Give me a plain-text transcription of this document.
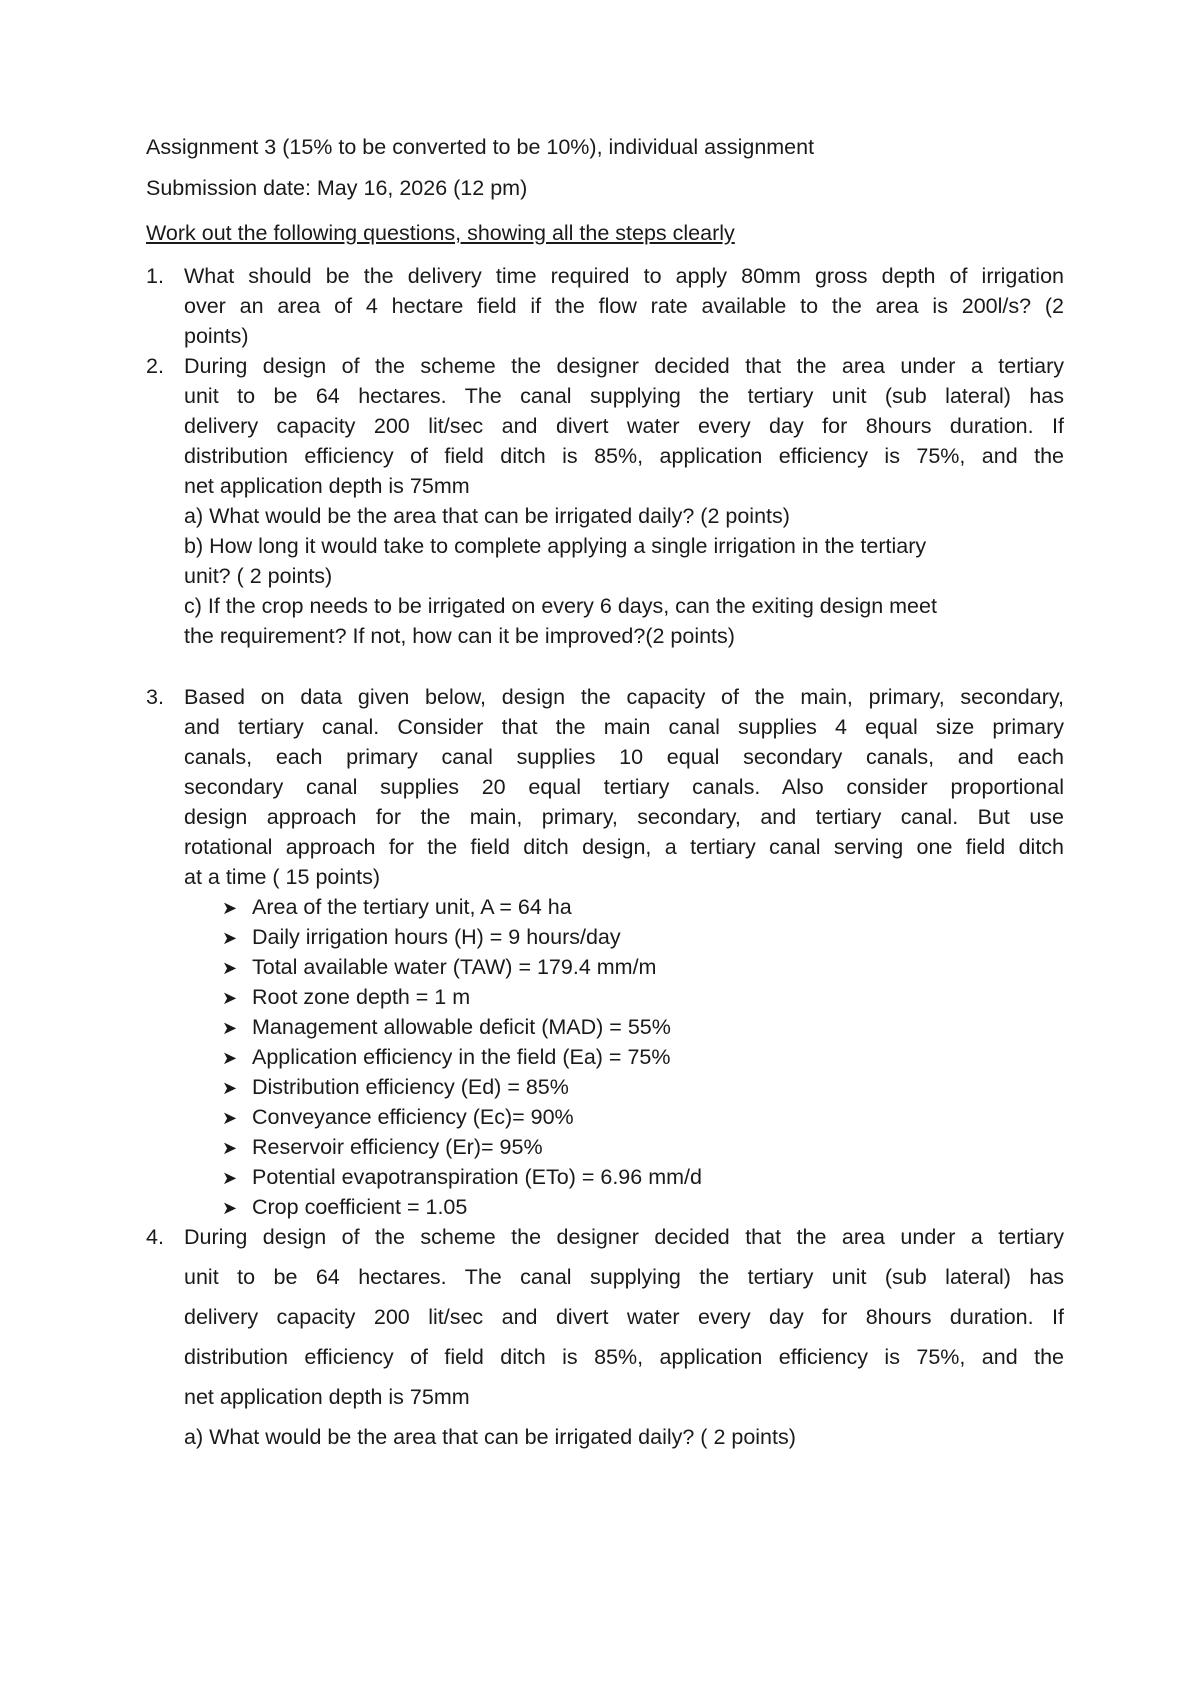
Assignment 3 (15% to be converted to be 10%), individual assignment
Submission date: May 16, 2026 (12 pm)
Work out the following questions, showing all the steps clearly
1. What should be the delivery time required to apply 80mm gross depth of irrigation
over an area of 4 hectare field if the flow rate available to the area is 200l/s? (2
points)
2. During design of the scheme the designer decided that the area under a tertiary
unit to be 64 hectares. The canal supplying the tertiary unit (sub lateral) has
delivery capacity 200 lit/sec and divert water every day for 8hours duration. If
distribution efficiency of field ditch is 85%, application efficiency is 75%, and the
net application depth is 75mm
a) What would be the area that can be irrigated daily? (2 points)
b) How long it would take to complete applying a single irrigation in the tertiary
unit? ( 2 points)
c) If the crop needs to be irrigated on every 6 days, can the exiting design meet
the requirement? If not, how can it be improved?(2 points)
3. Based on data given below, design the capacity of the main, primary, secondary,
and tertiary canal. Consider that the main canal supplies 4 equal size primary
canals, each primary canal supplies 10 equal secondary canals, and each
secondary canal supplies 20 equal tertiary canals. Also consider proportional
design approach for the main, primary, secondary, and tertiary canal. But use
rotational approach for the field ditch design, a tertiary canal serving one field ditch
at a time ( 15 points)
➤ Area of the tertiary unit, A = 64 ha
➤ Daily irrigation hours (H) = 9 hours/day
➤ Total available water (TAW) = 179.4 mm/m
➤ Root zone depth = 1 m
➤ Management allowable deficit (MAD) = 55%
➤ Application efficiency in the field (Ea) = 75%
➤ Distribution efficiency (Ed) = 85%
➤ Conveyance efficiency (Ec)= 90%
➤ Reservoir efficiency (Er)= 95%
➤ Potential evapotranspiration (ETo) = 6.96 mm/d
➤ Crop coefficient = 1.05
4. During design of the scheme the designer decided that the area under a tertiary
unit to be 64 hectares. The canal supplying the tertiary unit (sub lateral) has
delivery capacity 200 lit/sec and divert water every day for 8hours duration. If
distribution efficiency of field ditch is 85%, application efficiency is 75%, and the
net application depth is 75mm
a) What would be the area that can be irrigated daily? ( 2 points)
